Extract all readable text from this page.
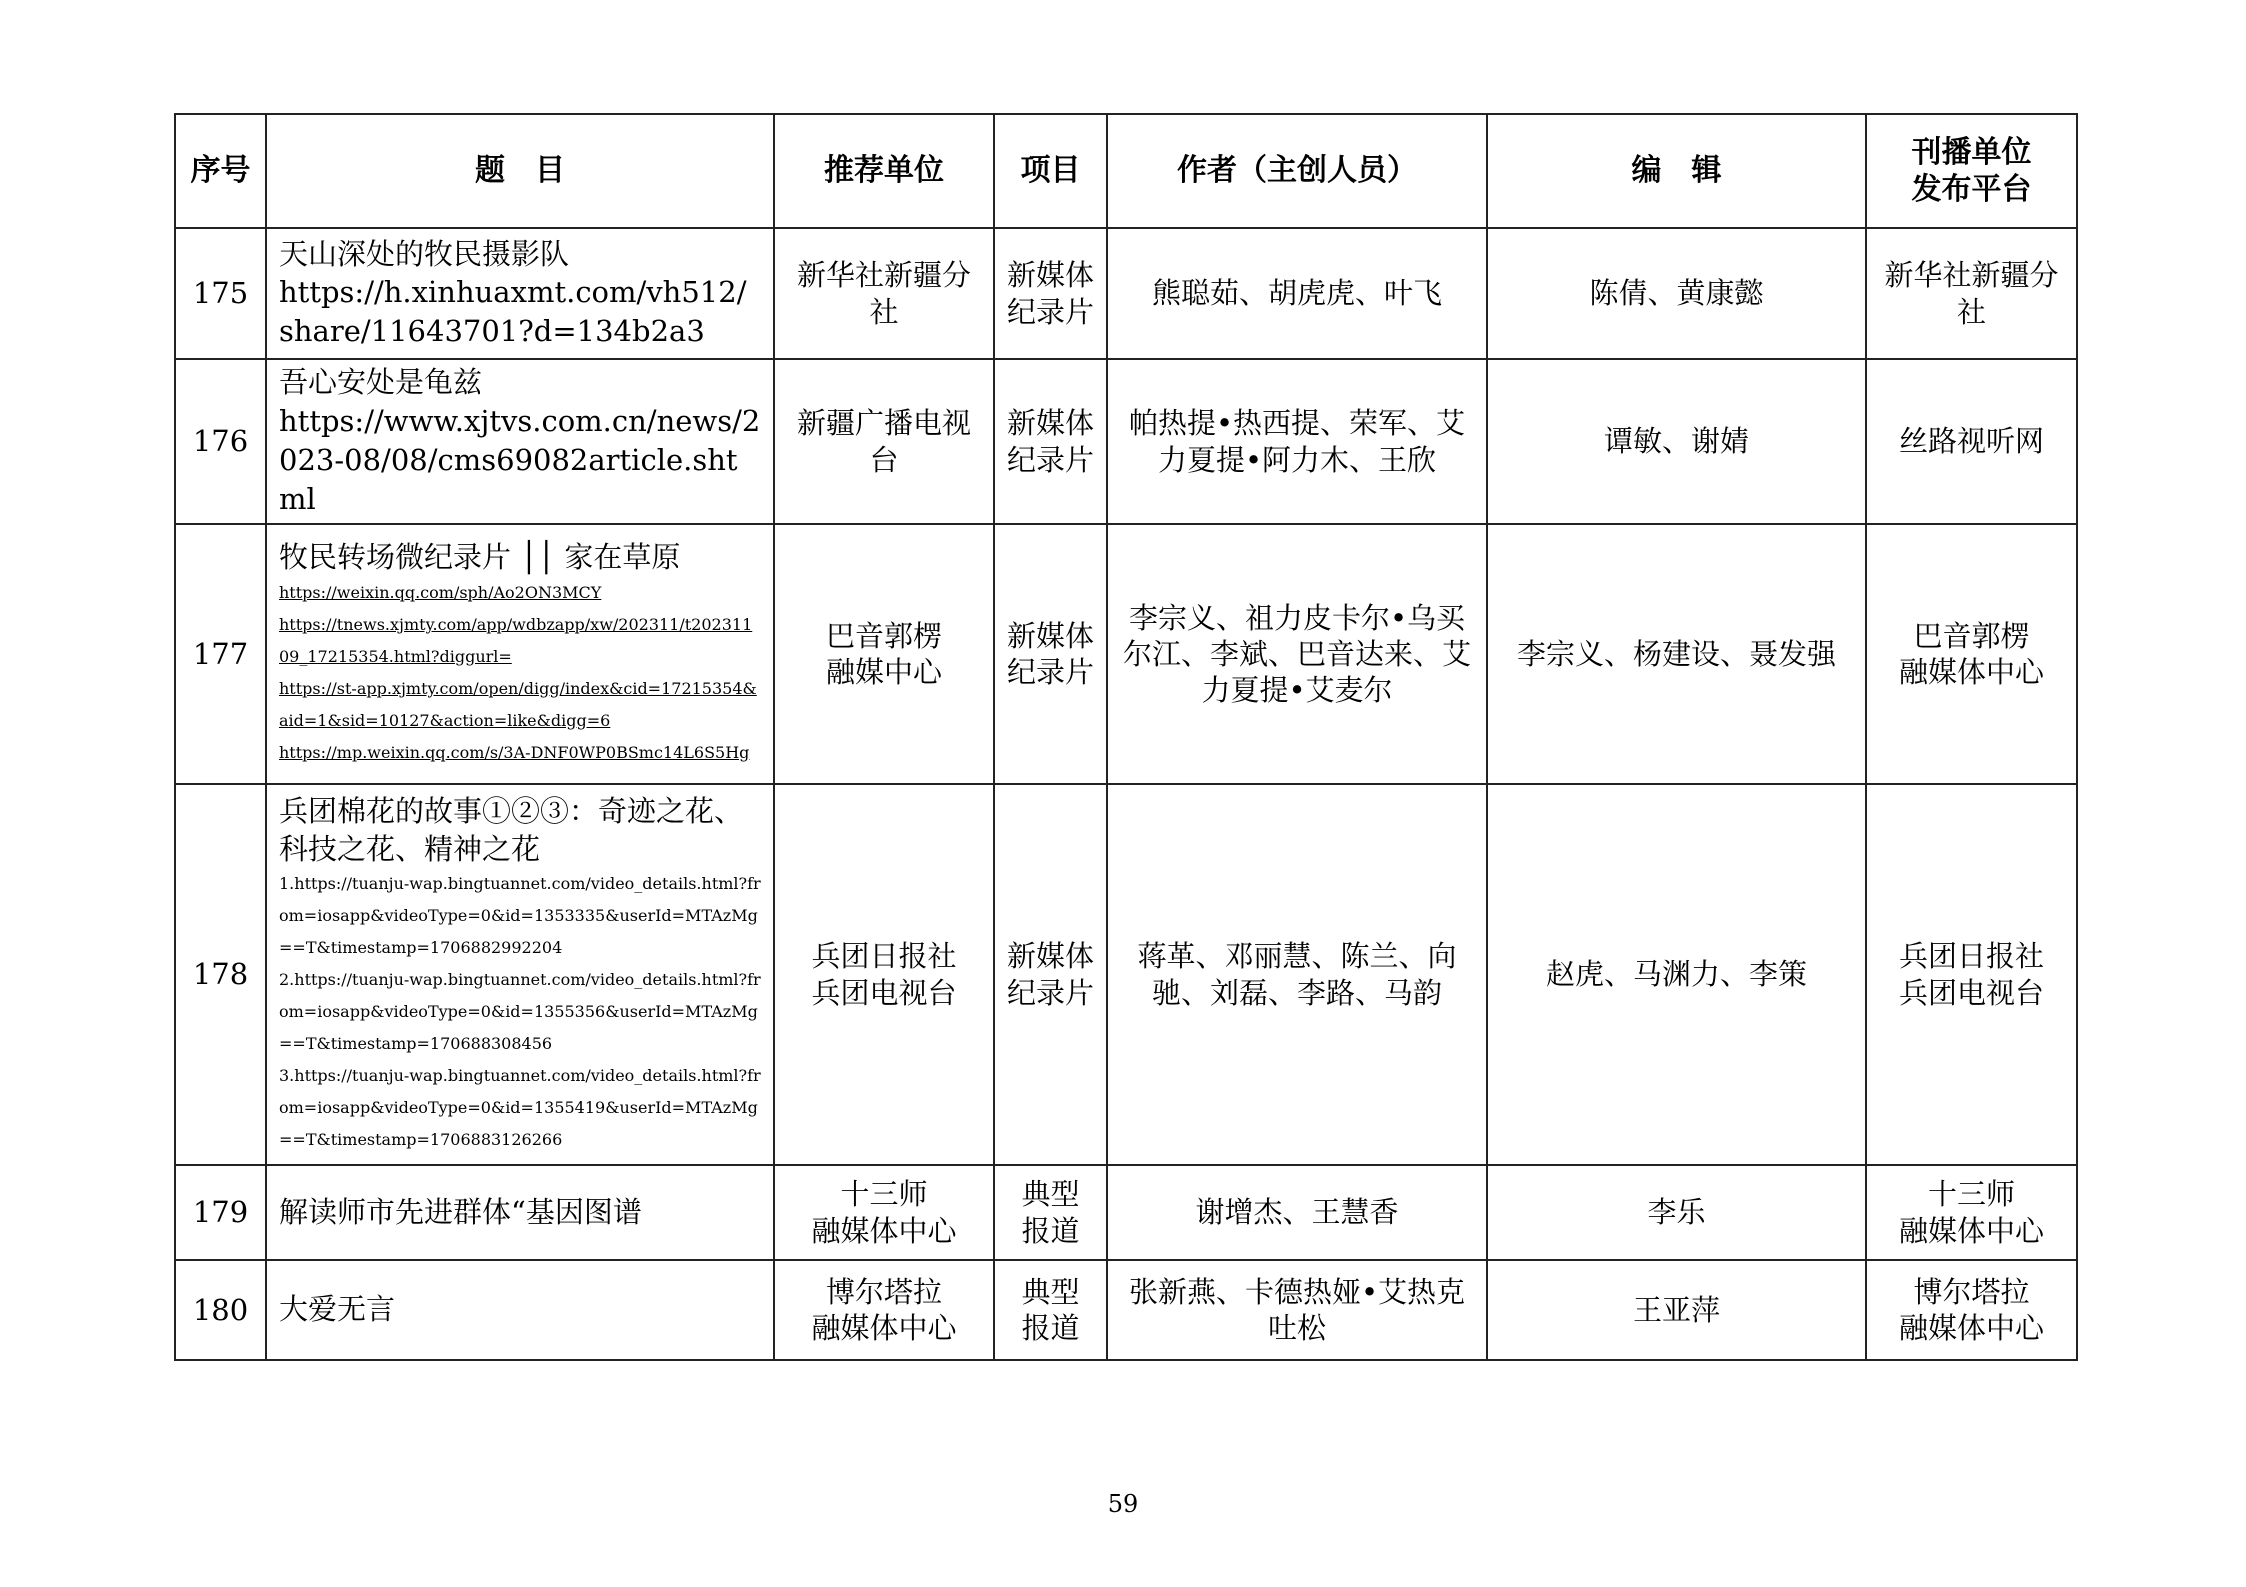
序号	题　目	推荐单位	项目	作者（主创人员）	编　辑	刊播单位
发布平台

175	天山深处的牧民摄影队
https://h.xinhuaxmt.com/vh512/share/11643701?d=134b2a3	新华社新疆分社	新媒体
纪录片	熊聪茹、胡虎虎、叶飞	陈倩、黄康懿	新华社新疆分社

176	吾心安处是龟兹
https://www.xjtvs.com.cn/news/2023-08/08/cms69082article.shtml	新疆广播电视台	新媒体
纪录片	帕热提•热西提、荣军、艾力夏提•阿力木、王欣	谭敏、谢婧	丝路视听网

177	牧民转场微纪录片 ││ 家在草原
https://weixin.qq.com/sph/Ao2ON3MCY
https://tnews.xjmty.com/app/wdbzapp/xw/202311/t20231109_17215354.html?diggurl=
https://st-app.xjmty.com/open/digg/index&cid=17215354&aid=1&sid=10127&action=like&digg=6
https://mp.weixin.qq.com/s/3A-DNF0WP0BSmc14L6S5Hg	巴音郭楞
融媒中心	新媒体
纪录片	李宗义、祖力皮卡尔•乌买尔江、李斌、巴音达来、艾力夏提•艾麦尔	李宗义、杨建设、聂发强	巴音郭楞
融媒体中心

178	兵团棉花的故事①②③：奇迹之花、科技之花、精神之花
1.https://tuanju-wap.bingtuannet.com/video_details.html?from=iosapp&videoType=0&id=1353335&userId=MTAzMg==T&timestamp=1706882992204
2.https://tuanju-wap.bingtuannet.com/video_details.html?from=iosapp&videoType=0&id=1355356&userId=MTAzMg==T&timestamp=170688308456
3.https://tuanju-wap.bingtuannet.com/video_details.html?from=iosapp&videoType=0&id=1355419&userId=MTAzMg==T&timestamp=1706883126266	兵团日报社
兵团电视台	新媒体
纪录片	蒋革、邓丽慧、陈兰、向驰、刘磊、李路、马韵	赵虎、马渊力、李策	兵团日报社
兵团电视台

179	解读师市先进群体“基因图谱	十三师
融媒体中心	典型
报道	谢增杰、王慧香	李乐	十三师
融媒体中心

180	大爱无言	博尔塔拉
融媒体中心	典型
报道	张新燕、卡德热娅•艾热克吐松	王亚萍	博尔塔拉
融媒体中心
59
